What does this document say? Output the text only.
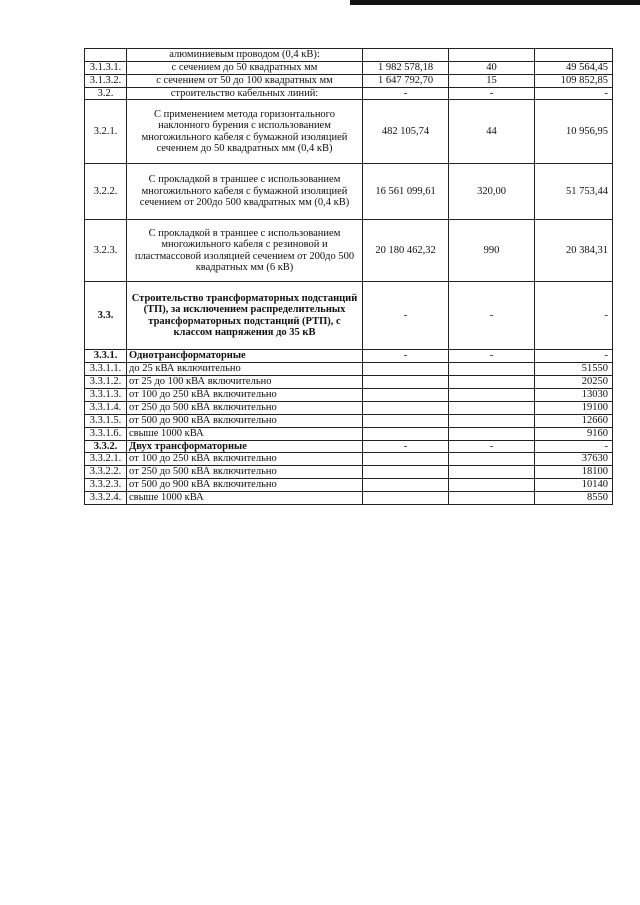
	алюминиевым проводом (0,4 кВ):			
3.1.3.1.	с сечением до 50 квадратных мм	1 982 578,18	40	49 564,45
3.1.3.2.	с сечением от 50 до 100 квадратных мм	1 647 792,70	15	109 852,85
3.2.	строительство кабельных линий:	-	-	-
3.2.1.	С применением метода горизонтального наклонного бурения с использованием многожильного кабеля с бумажной изоляцией сечением до 50 квадратных мм (0,4 кВ)	482 105,74	44	10 956,95
3.2.2.	С прокладкой в траншее с использованием многожильного кабеля с бумажной изоляцией сечением от 200до 500 квадратных мм (0,4 кВ)	16 561 099,61	320,00	51 753,44
3.2.3.	С прокладкой в траншее с использованием многожильного кабеля с резиновой и пластмассовой изоляцией сечением от 200до 500 квадратных мм (6 кВ)	20 180 462,32	990	20 384,31
3.3.	Строительство трансформаторных подстанций (ТП), за исключением распределительных трансформаторных подстанций (РТП), с классом напряжения до 35 кВ	-	-	-
3.3.1.	Однотрансформаторные	-	-	-
3.3.1.1.	до 25 кВА включительно			51550
3.3.1.2.	от 25 до 100 кВА включительно			20250
3.3.1.3.	от 100 до 250 кВА включительно			13030
3.3.1.4.	от 250 до 500 кВА включительно			19100
3.3.1.5.	от 500 до 900 кВА включительно			12660
3.3.1.6.	свыше 1000 кВА			9160
3.3.2.	Двух трансформаторные	-	-	-
3.3.2.1.	от 100 до 250 кВА включительно			37630
3.3.2.2.	от 250 до 500 кВА включительно			18100
3.3.2.3.	от 500 до 900 кВА включительно			10140
3.3.2.4.	свыше 1000 кВА			8550
